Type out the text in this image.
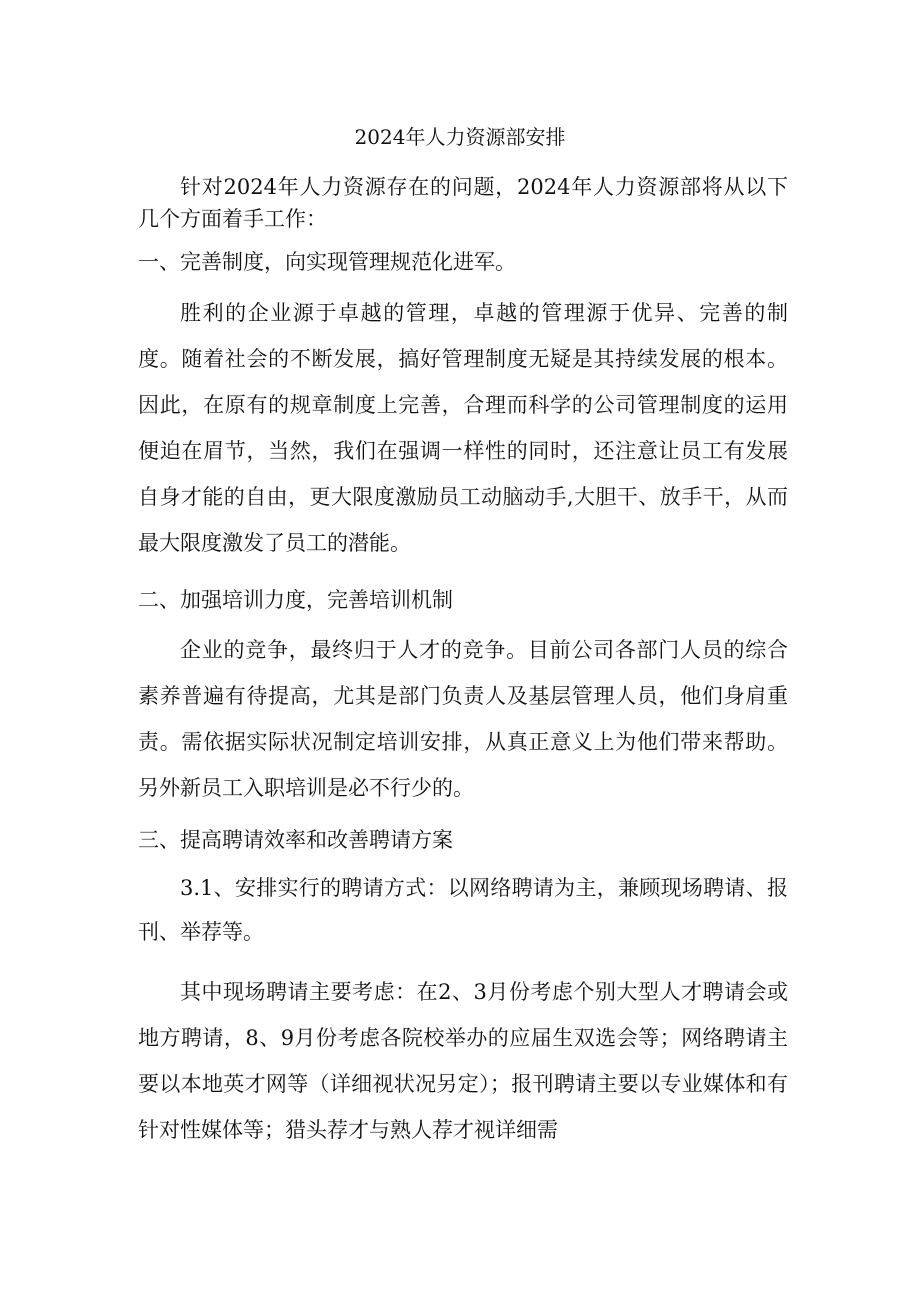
2024年人力资源部安排

针对2024年人力资源存在的问题，2024年人力资源部将从以下几个方面着手工作：

一、完善制度，向实现管理规范化进军。

胜利的企业源于卓越的管理，卓越的管理源于优异、完善的制度。随着社会的不断发展，搞好管理制度无疑是其持续发展的根本。因此，在原有的规章制度上完善，合理而科学的公司管理制度的运用便迫在眉节，当然，我们在强调一样性的同时，还注意让员工有发展自身才能的自由，更大限度激励员工动脑动手,大胆干、放手干，从而最大限度激发了员工的潜能。

二、加强培训力度，完善培训机制

企业的竞争，最终归于人才的竞争。目前公司各部门人员的综合素养普遍有待提高，尤其是部门负责人及基层管理人员，他们身肩重责。需依据实际状况制定培训安排，从真正意义上为他们带来帮助。另外新员工入职培训是必不行少的。

三、提高聘请效率和改善聘请方案

3.1、安排实行的聘请方式：以网络聘请为主，兼顾现场聘请、报刊、举荐等。

其中现场聘请主要考虑：在2、3月份考虑个别大型人才聘请会或地方聘请，8、9月份考虑各院校举办的应届生双选会等；网络聘请主要以本地英才网等（详细视状况另定）；报刊聘请主要以专业媒体和有针对性媒体等；猎头荐才与熟人荐才视详细需
